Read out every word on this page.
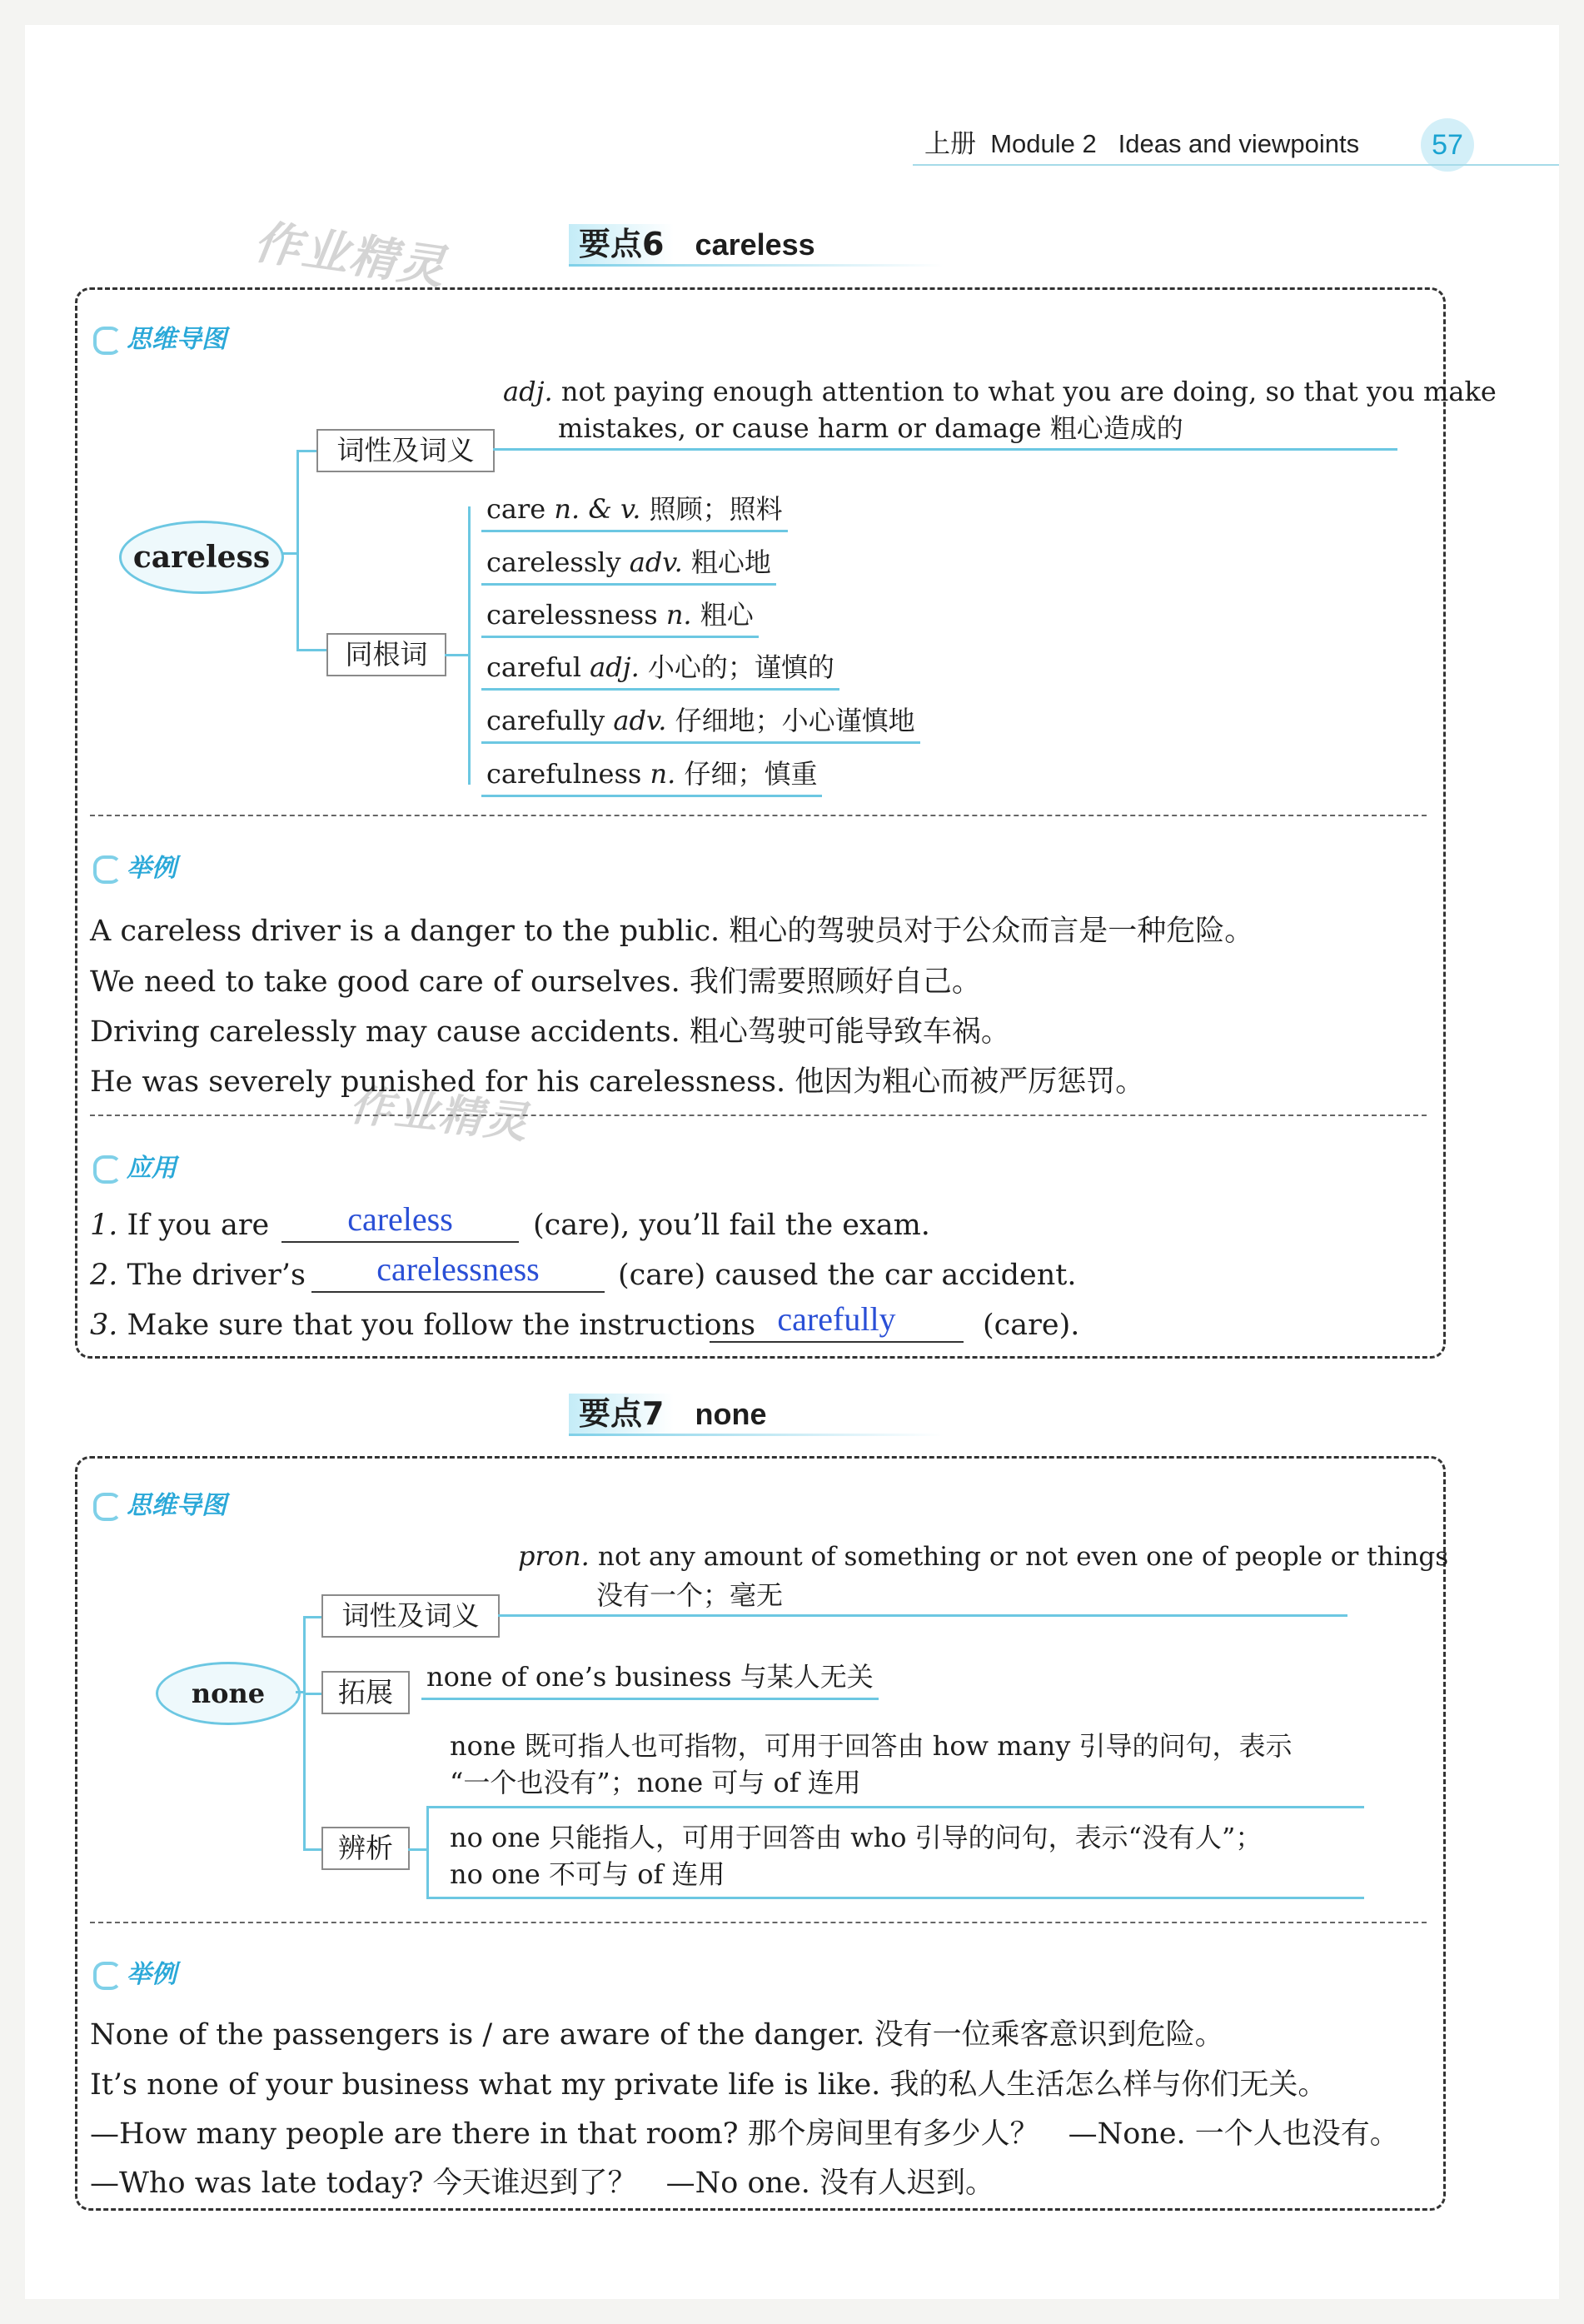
上册 Module 2 Ideas and viewpoints	57
作业精灵
作业精灵
要点6 careless
思维导图
careless
词性及词义
adj. not paying enough attention to what you are doing, so that you make
mistakes, or cause harm or damage 粗心造成的
同根词
care n. & v. 照顾；照料
carelessly adv. 粗心地
carelessness n. 粗心
careful adj. 小心的；谨慎的
carefully adv. 仔细地；小心谨慎地
carefulness n. 仔细；慎重
举例
A careless driver is a danger to the public. 粗心的驾驶员对于公众而言是一种危险。
We need to take good care of ourselves. 我们需要照顾好自己。
Driving carelessly may cause accidents. 粗心驾驶可能导致车祸。
He was severely punished for his carelessness. 他因为粗心而被严厉惩罚。
应用
1. If you are	careless	(care), you’ll fail the exam.
2. The driver’s	carelessness	(care) caused the car accident.
3. Make sure that you follow the instructions carefully	(care).
要点7 none
思维导图
none
词性及词义
pron. not any amount of something or not even one of people or things
没有一个；毫无
拓展	none of one’s business 与某人无关
辨析
none 既可指人也可指物，可用于回答由 how many 引导的问句，表示
“一个也没有”；none 可与 of 连用
no one 只能指人，可用于回答由 who 引导的问句，表示“没有人”；
no one 不可与 of 连用
举例
None of the passengers is / are aware of the danger. 没有一位乘客意识到危险。
It’s none of your business what my private life is like. 我的私人生活怎么样与你们无关。
—How many people are there in that room? 那个房间里有多少人？　—None. 一个人也没有。
—Who was late today? 今天谁迟到了？　—No one. 没有人迟到。
